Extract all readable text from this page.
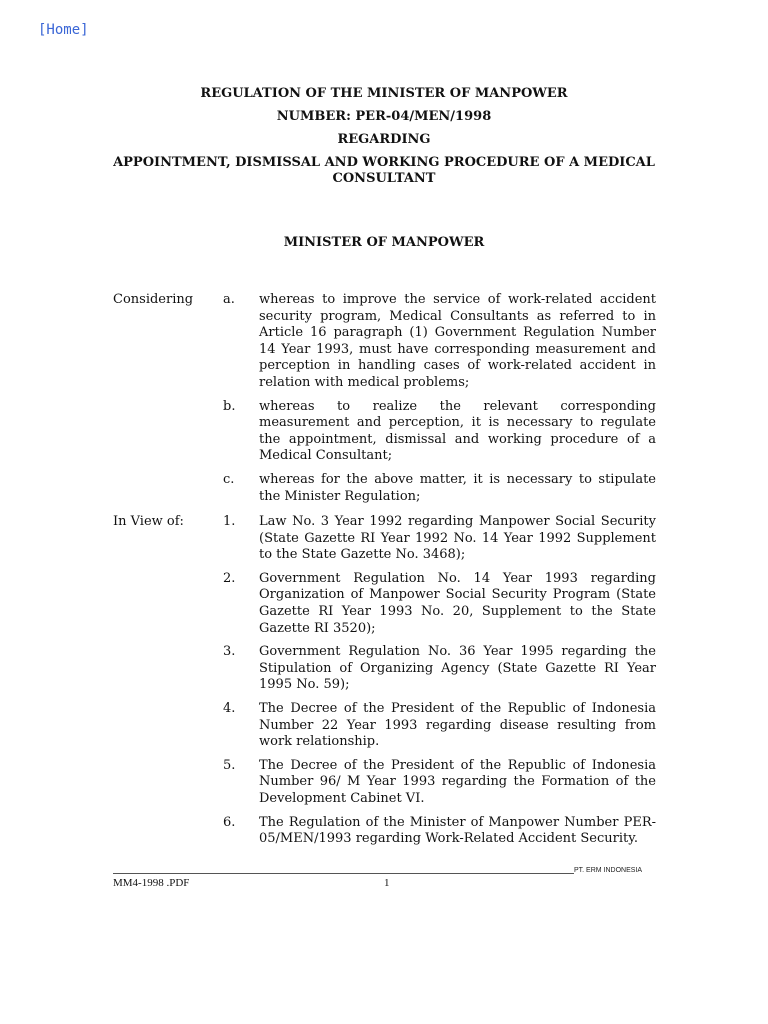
[Home]
REGULATION OF THE MINISTER OF MANPOWER
NUMBER: PER-04/MEN/1998
REGARDING
APPOINTMENT, DISMISSAL AND WORKING PROCEDURE OF A MEDICAL CONSULTANT
MINISTER OF MANPOWER
Considering a. whereas to improve the service of work-related accident security program, Medical Consultants as referred to in Article 16 paragraph (1) Government Regulation Number 14 Year 1993, must have corresponding measurement and perception in handling cases of work-related accident in relation with medical problems;
b. whereas to realize the relevant corresponding measurement and perception, it is necessary to regulate the appointment, dismissal and working procedure of a Medical Consultant;
c. whereas for the above matter, it is necessary to stipulate the Minister Regulation;
In View of:	1. Law No. 3 Year 1992 regarding Manpower Social Security (State Gazette RI Year 1992 No. 14 Year 1992 Supplement to the State Gazette No. 3468);
2. Government Regulation No. 14 Year 1993 regarding Organization of Manpower Social Security Program (State Gazette RI Year 1993 No. 20, Supplement to the State Gazette RI 3520);
3. Government Regulation No. 36 Year 1995 regarding the Stipulation of Organizing Agency (State Gazette RI Year 1995 No. 59);
4. The Decree of the President of the Republic of Indonesia Number 22 Year 1993 regarding disease resulting from work relationship.
5. The Decree of the President of the Republic of Indonesia Number 96/ M Year 1993 regarding the Formation of the Development Cabinet VI.
6. The Regulation of the Minister of Manpower Number PER-05/MEN/1993 regarding Work-Related Accident Security.
PT. ERM INDONESIA
MM4-1998 .PDF	1
